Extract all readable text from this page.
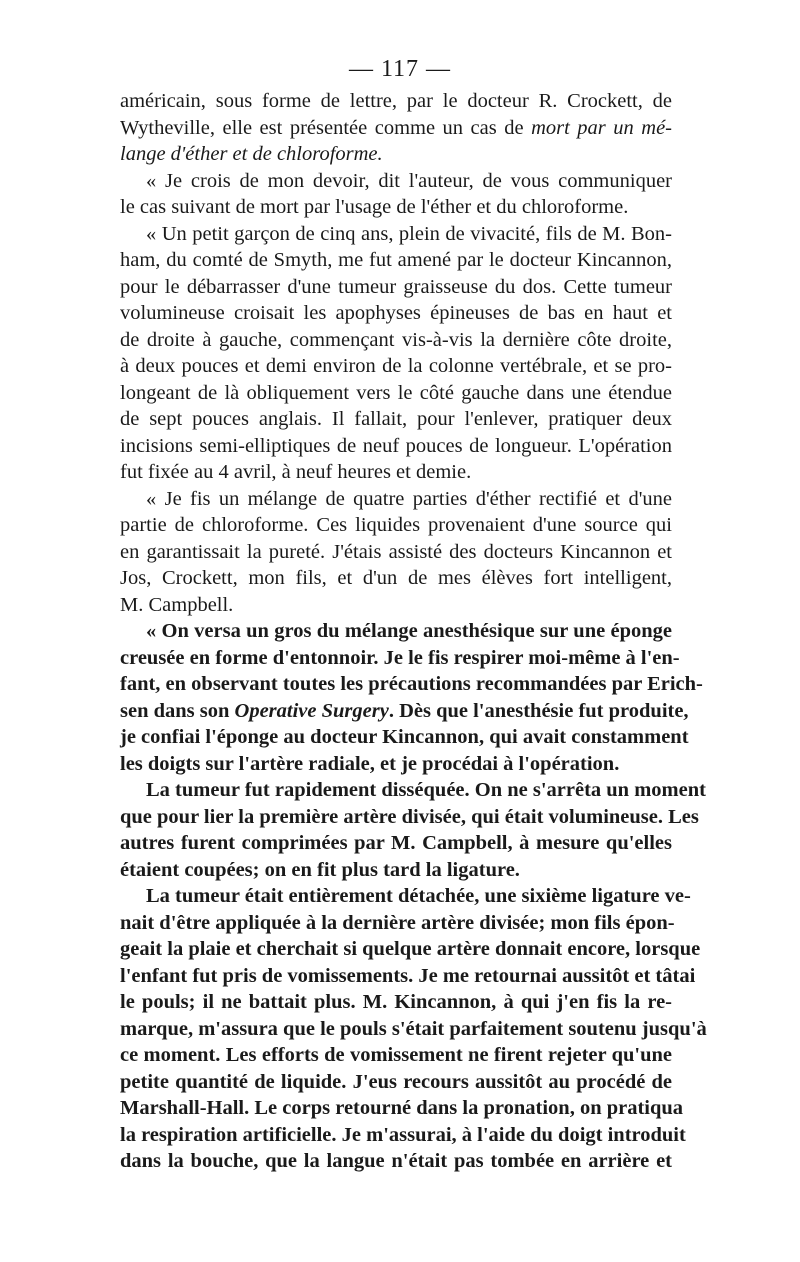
— 117 —
américain, sous forme de lettre, par le docteur R. Crockett, de
Wytheville, elle est présentée comme un cas de mort par un mé-
lange d'éther et de chloroforme.
« Je crois de mon devoir, dit l'auteur, de vous communiquer
le cas suivant de mort par l'usage de l'éther et du chloroforme.
« Un petit garçon de cinq ans, plein de vivacité, fils de M. Bon-
ham, du comté de Smyth, me fut amené par le docteur Kincannon,
pour le débarrasser d'une tumeur graisseuse du dos. Cette tumeur
volumineuse croisait les apophyses épineuses de bas en haut et
de droite à gauche, commençant vis-à-vis la dernière côte droite,
à deux pouces et demi environ de la colonne vertébrale, et se pro-
longeant de là obliquement vers le côté gauche dans une étendue
de sept pouces anglais. Il fallait, pour l'enlever, pratiquer deux
incisions semi-elliptiques de neuf pouces de longueur. L'opération
fut fixée au 4 avril, à neuf heures et demie.
« Je fis un mélange de quatre parties d'éther rectifié et d'une
partie de chloroforme. Ces liquides provenaient d'une source qui
en garantissait la pureté. J'étais assisté des docteurs Kincannon et
Jos, Crockett, mon fils, et d'un de mes élèves fort intelligent,
M. Campbell.
« On versa un gros du mélange anesthésique sur une éponge
creusée en forme d'entonnoir. Je le fis respirer moi-même à l'en-
fant, en observant toutes les précautions recommandées par Erich-
sen dans son Operative Surgery. Dès que l'anesthésie fut produite,
je confiai l'éponge au docteur Kincannon, qui avait constamment
les doigts sur l'artère radiale, et je procédai à l'opération.
La tumeur fut rapidement disséquée. On ne s'arrêta un moment
que pour lier la première artère divisée, qui était volumineuse. Les
autres furent comprimées par M. Campbell, à mesure qu'elles
étaient coupées; on en fit plus tard la ligature.
La tumeur était entièrement détachée, une sixième ligature ve-
nait d'être appliquée à la dernière artère divisée; mon fils épon-
geait la plaie et cherchait si quelque artère donnait encore, lorsque
l'enfant fut pris de vomissements. Je me retournai aussitôt et tâtai
le pouls; il ne battait plus. M. Kincannon, à qui j'en fis la re-
marque, m'assura que le pouls s'était parfaitement soutenu jusqu'à
ce moment. Les efforts de vomissement ne firent rejeter qu'une
petite quantité de liquide. J'eus recours aussitôt au procédé de
Marshall-Hall. Le corps retourné dans la pronation, on pratiqua
la respiration artificielle. Je m'assurai, à l'aide du doigt introduit
dans la bouche, que la langue n'était pas tombée en arrière et
